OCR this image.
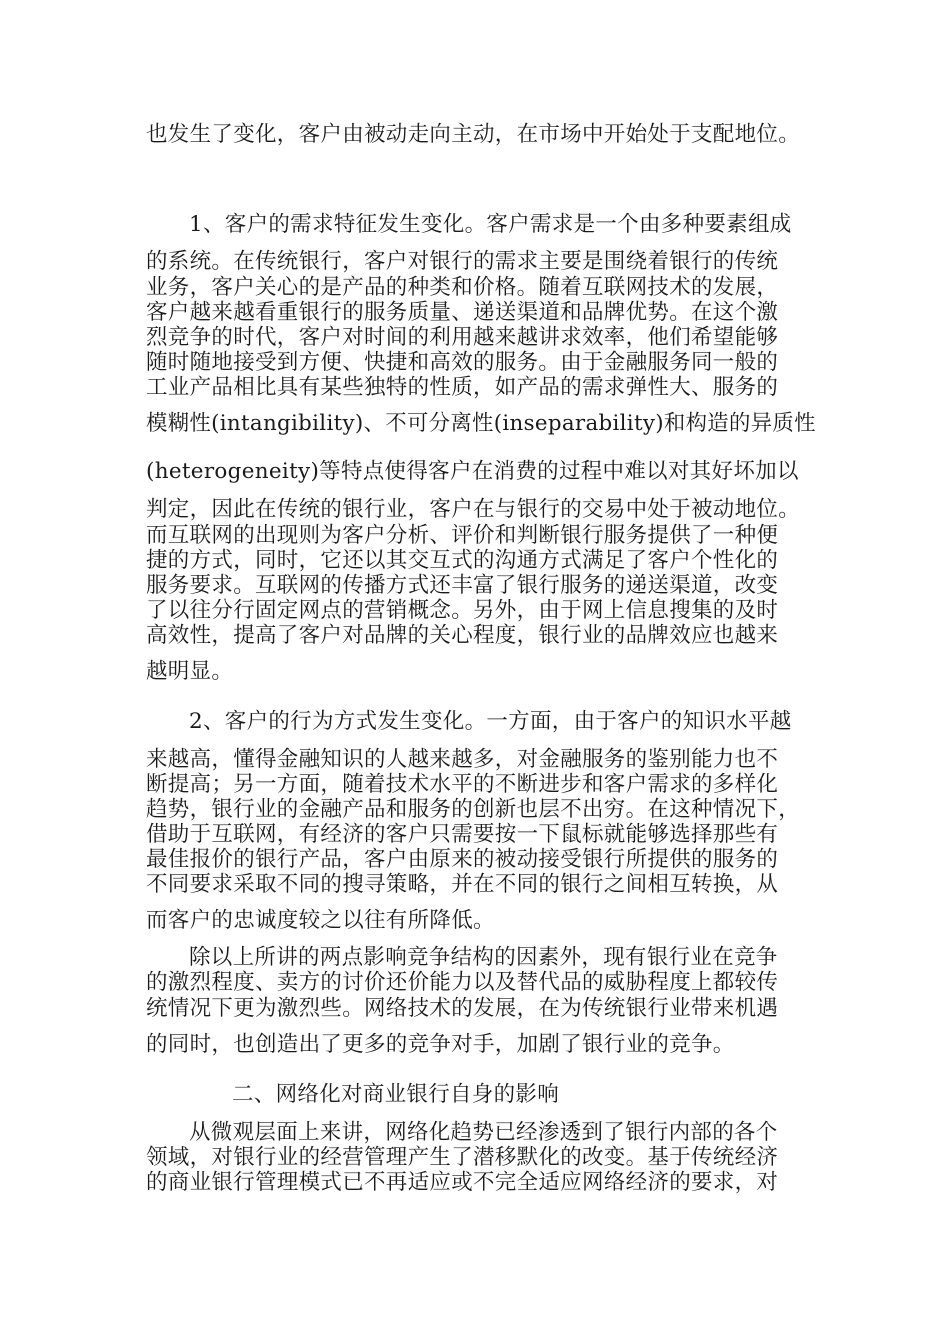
也发生了变化，客户由被动走向主动，在市场中开始处于支配地位。
1、客户的需求特征发生变化。客户需求是一个由多种要素组成
的系统。在传统银行，客户对银行的需求主要是围绕着银行的传统
业务，客户关心的是产品的种类和价格。随着互联网技术的发展，
客户越来越看重银行的服务质量、递送渠道和品牌优势。在这个激
烈竞争的时代，客户对时间的利用越来越讲求效率，他们希望能够
随时随地接受到方便、快捷和高效的服务。由于金融服务同一般的
工业产品相比具有某些独特的性质，如产品的需求弹性大、服务的
模糊性(intangibility)、不可分离性(inseparability)和构造的异质性
(heterogeneity)等特点使得客户在消费的过程中难以对其好坏加以
判定，因此在传统的银行业，客户在与银行的交易中处于被动地位。
而互联网的出现则为客户分析、评价和判断银行服务提供了一种便
捷的方式，同时，它还以其交互式的沟通方式满足了客户个性化的
服务要求。互联网的传播方式还丰富了银行服务的递送渠道，改变
了以往分行固定网点的营销概念。另外，由于网上信息搜集的及时
高效性，提高了客户对品牌的关心程度，银行业的品牌效应也越来
越明显。
2、客户的行为方式发生变化。一方面，由于客户的知识水平越
来越高，懂得金融知识的人越来越多，对金融服务的鉴别能力也不
断提高；另一方面，随着技术水平的不断进步和客户需求的多样化
趋势，银行业的金融产品和服务的创新也层不出穷。在这种情况下，
借助于互联网，有经济的客户只需要按一下鼠标就能够选择那些有
最佳报价的银行产品，客户由原来的被动接受银行所提供的服务的
不同要求采取不同的搜寻策略，并在不同的银行之间相互转换，从
而客户的忠诚度较之以往有所降低。
除以上所讲的两点影响竞争结构的因素外，现有银行业在竞争
的激烈程度、卖方的讨价还价能力以及替代品的威胁程度上都较传
统情况下更为激烈些。网络技术的发展，在为传统银行业带来机遇
的同时，也创造出了更多的竞争对手，加剧了银行业的竞争。
二、网络化对商业银行自身的影响
从微观层面上来讲，网络化趋势已经渗透到了银行内部的各个
领域，对银行业的经营管理产生了潜移默化的改变。基于传统经济
的商业银行管理模式已不再适应或不完全适应网络经济的要求，对
